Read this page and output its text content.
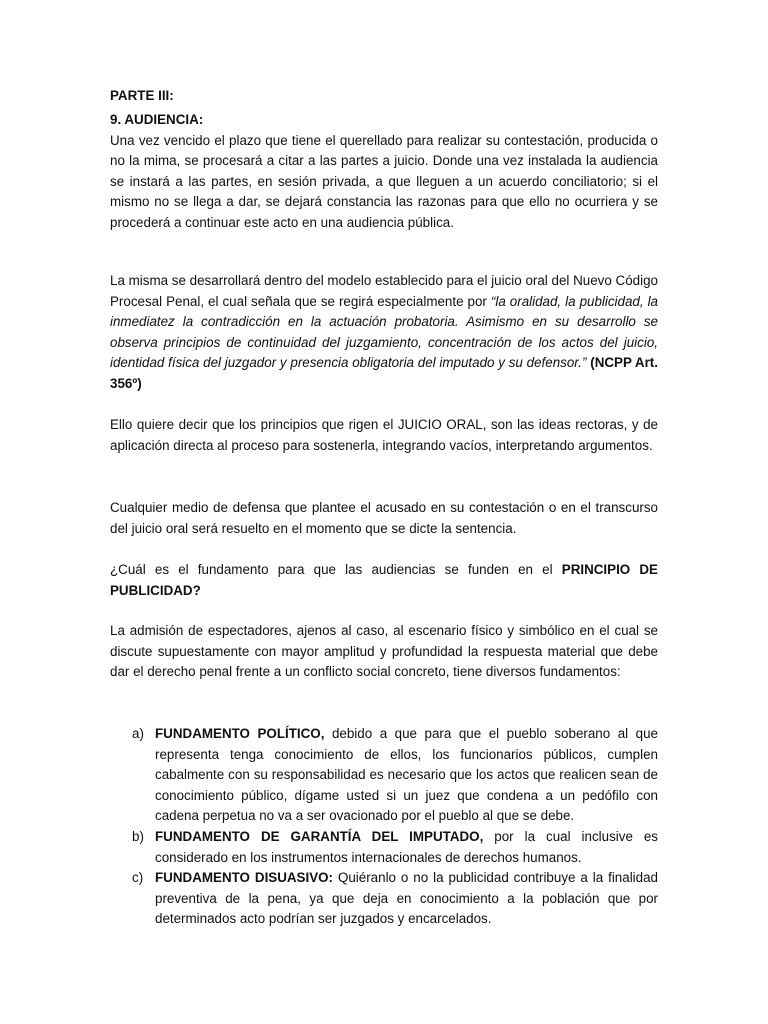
PARTE III:
9. AUDIENCIA:

Una vez vencido el plazo que tiene el querellado para realizar su contestación, producida o no la mima, se procesará a citar a las partes a juicio. Donde una vez instalada la audiencia se instará a las partes, en sesión privada, a que lleguen a un acuerdo conciliatorio; si el mismo no se llega a dar, se dejará constancia las razonas para que ello no ocurriera y se procederá a continuar este acto en una audiencia pública.

La misma se desarrollará dentro del modelo establecido para el juicio oral del Nuevo Código Procesal Penal, el cual señala que se regirá especialmente por “la oralidad, la publicidad, la inmediatez la contradicción en la actuación probatoria. Asimismo en su desarrollo se observa principios de continuidad del juzgamiento, concentración de los actos del juicio, identidad física del juzgador y presencia obligatoria del imputado y su defensor.” (NCPP Art. 356º)

Ello quiere decir que los principios que rigen el JUICIO ORAL, son las ideas rectoras, y de aplicación directa al proceso para sostenerla, integrando vacíos, interpretando argumentos.

Cualquier medio de defensa que plantee el acusado en su contestación o en el transcurso del juicio oral será resuelto en el momento que se dicte la sentencia.

¿Cuál es el fundamento para que las audiencias se funden en el PRINCIPIO DE PUBLICIDAD?

La admisión de espectadores, ajenos al caso, al escenario físico y simbólico en el cual se discute supuestamente con mayor amplitud y profundidad la respuesta material que debe dar el derecho penal frente a un conflicto social concreto, tiene diversos fundamentos:

a) FUNDAMENTO POLÍTICO, debido a que para que el pueblo soberano al que representa tenga conocimiento de ellos, los funcionarios públicos, cumplen cabalmente con su responsabilidad es necesario que los actos que realicen sean de conocimiento público, dígame usted si un juez que condena a un pedófilo con cadena perpetua no va a ser ovacionado por el pueblo al que se debe.
b) FUNDAMENTO DE GARANTÍA DEL IMPUTADO, por la cual inclusive es considerado en los instrumentos internacionales de derechos humanos.
c) FUNDAMENTO DISUASIVO: Quiéranlo o no la publicidad contribuye a la finalidad preventiva de la pena, ya que deja en conocimiento a la población que por determinados acto podrían ser juzgados y encarcelados.
